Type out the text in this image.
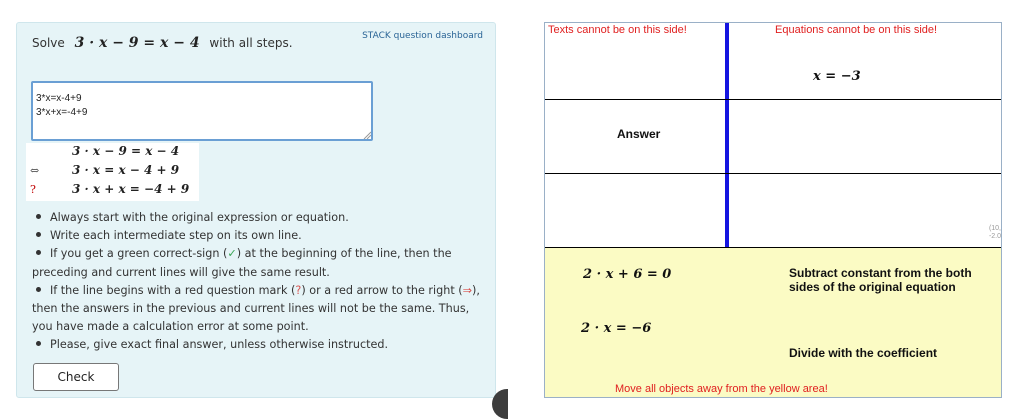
Solve 3 · x − 9 = x − 4 with all steps.	STACK question dashboard
3*x=x-4+9 3*x+x=-4+9
3 · x − 9 = x − 4
⇔	3 · x = x − 4 + 9
?	3 · x + x = −4 + 9
Always start with the original expression or equation.
Write each intermediate step on its own line.
If you get a green correct-sign (✓) at the beginning of the line, then the preceding and current lines will give the same result.
If the line begins with a red question mark (?) or a red arrow to the right (⇒), then the answers in the previous and current lines will not be the same. Thus, you have made a calculation error at some point.
Please, give exact final answer, unless otherwise instructed.
Check
Texts cannot be on this side!	Equations cannot be on this side!
x = −3
Answer
(10,
-2.0
2 · x + 6 = 0
2 · x = −6
Subtract constant from the both sides of the original equation
Divide with the coefficient
Move all objects away from the yellow area!
